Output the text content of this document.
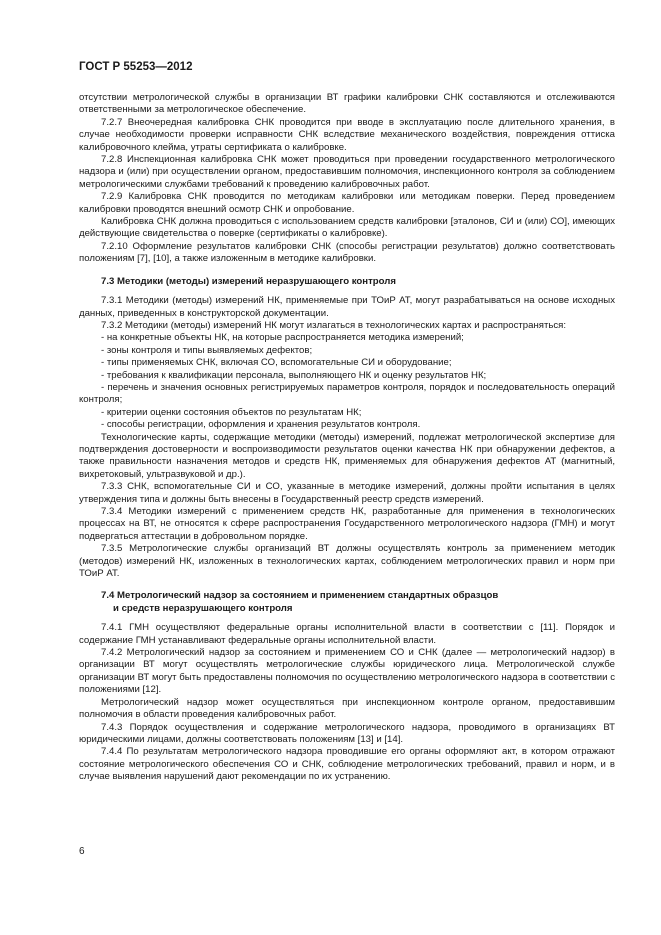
ГОСТ Р 55253—2012

отсутствии метрологической службы в организации ВТ графики калибровки СНК составляются и отслеживаются ответственными за метрологическое обеспечение.

7.2.7 Внеочередная калибровка СНК проводится при вводе в эксплуатацию после длительного хранения, в случае необходимости проверки исправности СНК вследствие механического воздействия, повреждения оттиска калибровочного клейма, утраты сертификата о калибровке.

7.2.8 Инспекционная калибровка СНК может проводиться при проведении государственного метрологического надзора и (или) при осуществлении органом, предоставившим полномочия, инспекционного контроля за соблюдением метрологическими службами требований к проведению калибровочных работ.

7.2.9 Калибровка СНК проводится по методикам калибровки или методикам поверки. Перед проведением калибровки проводятся внешний осмотр СНК и опробование.

Калибровка СНК должна проводиться с использованием средств калибровки [эталонов, СИ и (или) СО], имеющих действующие свидетельства о поверке (сертификаты о калибровке).

7.2.10 Оформление результатов калибровки СНК (способы регистрации результатов) должно соответствовать положениям [7], [10], а также изложенным в методике калибровки.

7.3 Методики (методы) измерений неразрушающего контроля

7.3.1 Методики (методы) измерений НК, применяемые при ТОиР АТ, могут разрабатываться на основе исходных данных, приведенных в конструкторской документации.

7.3.2 Методики (методы) измерений НК могут излагаться в технологических картах и распространяться:

- на конкретные объекты НК, на которые распространяется методика измерений;

- зоны контроля и типы выявляемых дефектов;

- типы применяемых СНК, включая СО, вспомогательные СИ и оборудование;

- требования к квалификации персонала, выполняющего НК и оценку результатов НК;

- перечень и значения основных регистрируемых параметров контроля, порядок и последовательность операций контроля;

- критерии оценки состояния объектов по результатам НК;

- способы регистрации, оформления и хранения результатов контроля.

Технологические карты, содержащие методики (методы) измерений, подлежат метрологической экспертизе для подтверждения достоверности и воспроизводимости результатов оценки качества НК при обнаружении дефектов, а также правильности назначения методов и средств НК, применяемых для обнаружения дефектов АТ (магнитный, вихретоковый, ультразвуковой и др.).

7.3.3 СНК, вспомогательные СИ и СО, указанные в методике измерений, должны пройти испытания в целях утверждения типа и должны быть внесены в Государственный реестр средств измерений.

7.3.4 Методики измерений с применением средств НК, разработанные для применения в технологических процессах на ВТ, не относятся к сфере распространения Государственного метрологического надзора (ГМН) и могут подвергаться аттестации в добровольном порядке.

7.3.5 Метрологические службы организаций ВТ должны осуществлять контроль за применением методик (методов) измерений НК, изложенных в технологических картах, соблюдением метрологических правил и норм при ТОиР АТ.

7.4 Метрологический надзор за состоянием и применением стандартных образцов
и средств неразрушающего контроля

7.4.1 ГМН осуществляют федеральные органы исполнительной власти в соответствии с [11]. Порядок и содержание ГМН устанавливают федеральные органы исполнительной власти.

7.4.2 Метрологический надзор за состоянием и применением СО и СНК (далее — метрологический надзор) в организации ВТ могут осуществлять метрологические службы юридического лица. Метрологической службе организации ВТ могут быть предоставлены полномочия по осуществлению метрологического надзора в соответствии с положениями [12].

Метрологический надзор может осуществляться при инспекционном контроле органом, предоставившим полномочия в области проведения калибровочных работ.

7.4.3 Порядок осуществления и содержание метрологического надзора, проводимого в организациях ВТ юридическими лицами, должны соответствовать положениям [13] и [14].

7.4.4 По результатам метрологического надзора проводившие его органы оформляют акт, в котором отражают состояние метрологического обеспечения СО и СНК, соблюдение метрологических требований, правил и норм, и в случае выявления нарушений дают рекомендации по их устранению.

6
